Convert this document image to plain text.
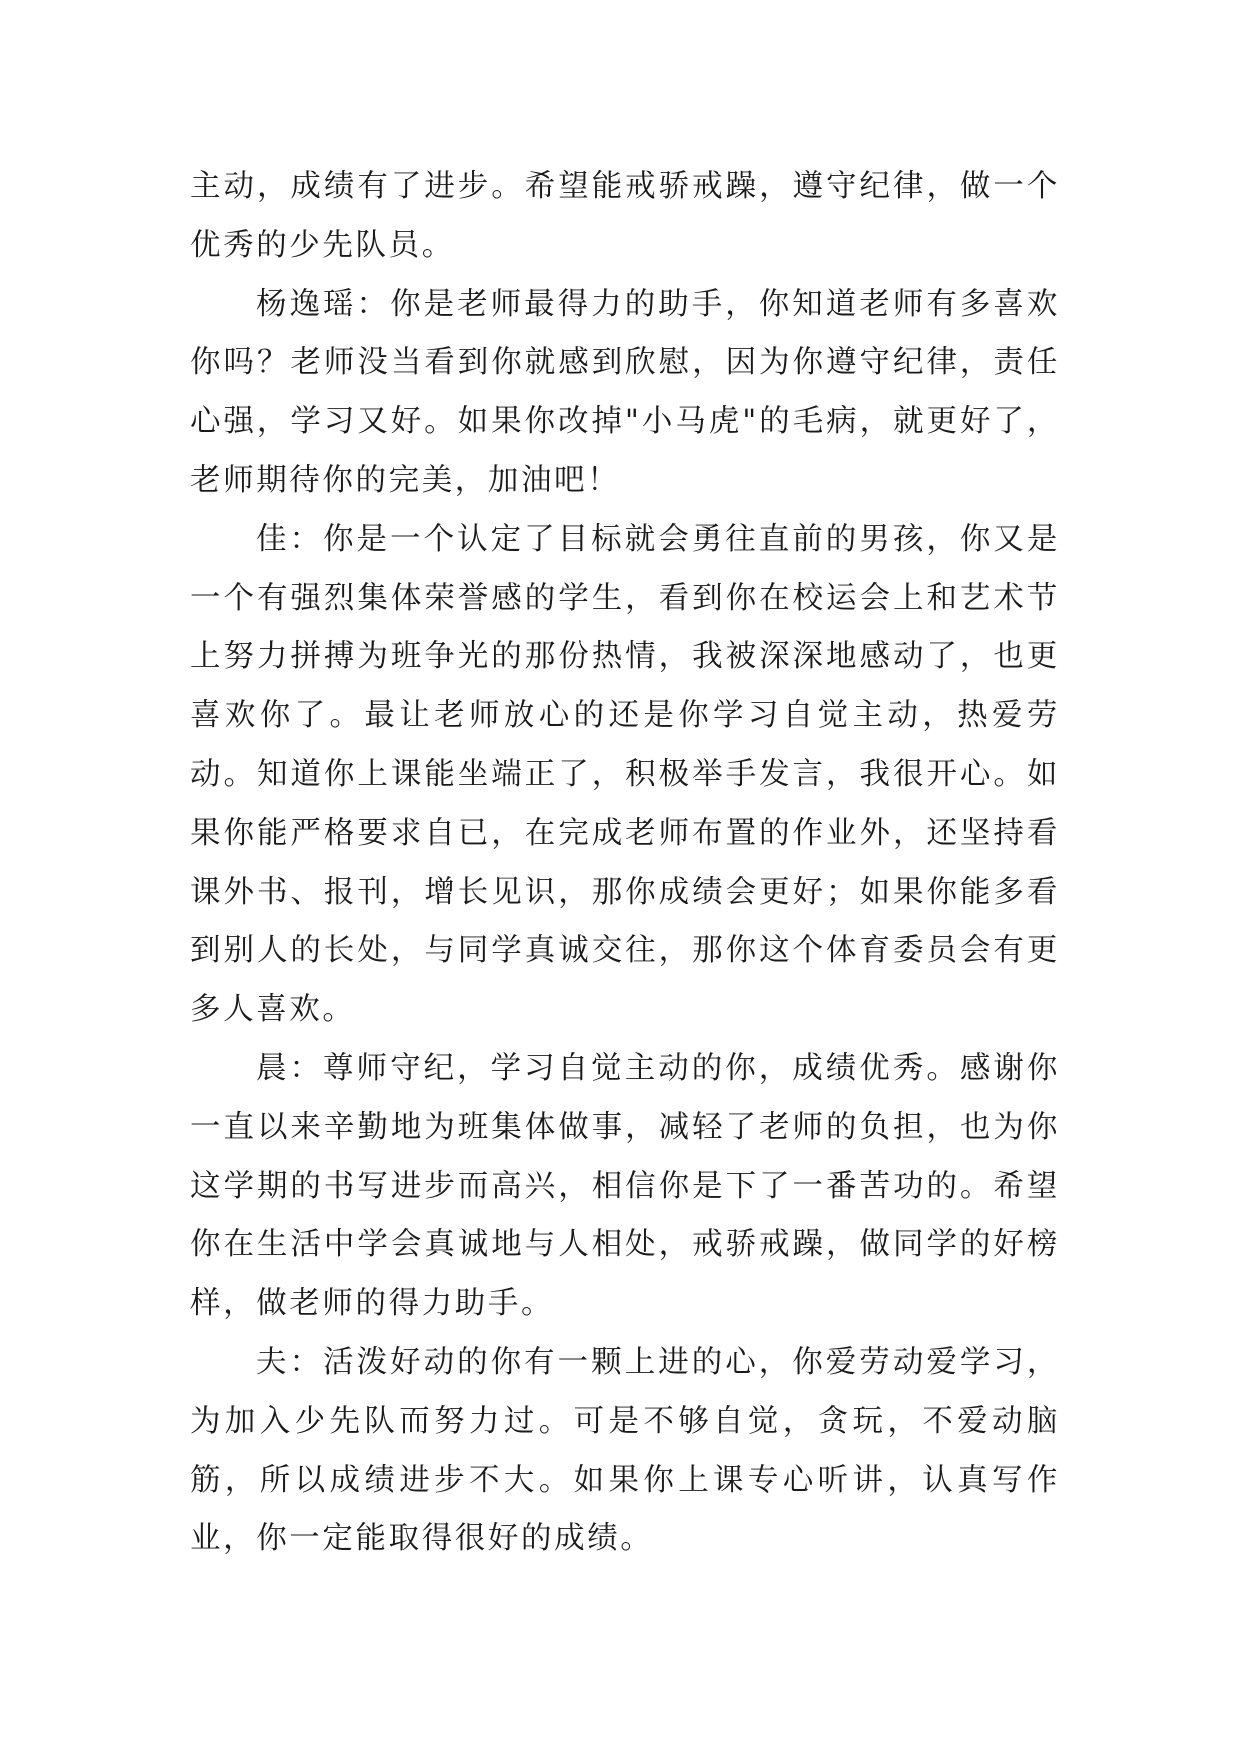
主动，成绩有了进步。希望能戒骄戒躁，遵守纪律，做一个优秀的少先队员。

杨逸瑶：你是老师最得力的助手，你知道老师有多喜欢你吗？老师没当看到你就感到欣慰，因为你遵守纪律，责任心强，学习又好。如果你改掉"小马虎"的毛病，就更好了，老师期待你的完美，加油吧！

佳：你是一个认定了目标就会勇往直前的男孩，你又是一个有强烈集体荣誉感的学生，看到你在校运会上和艺术节上努力拼搏为班争光的那份热情，我被深深地感动了，也更喜欢你了。最让老师放心的还是你学习自觉主动，热爱劳动。知道你上课能坐端正了，积极举手发言，我很开心。如果你能严格要求自已，在完成老师布置的作业外，还坚持看课外书、报刊，增长见识，那你成绩会更好；如果你能多看到别人的长处，与同学真诚交往，那你这个体育委员会有更多人喜欢。

晨：尊师守纪，学习自觉主动的你，成绩优秀。感谢你一直以来辛勤地为班集体做事，减轻了老师的负担，也为你这学期的书写进步而高兴，相信你是下了一番苦功的。希望你在生活中学会真诚地与人相处，戒骄戒躁，做同学的好榜样，做老师的得力助手。

夫：活泼好动的你有一颗上进的心，你爱劳动爱学习，为加入少先队而努力过。可是不够自觉，贪玩，不爱动脑筋，所以成绩进步不大。如果你上课专心听讲，认真写作业，你一定能取得很好的成绩。
